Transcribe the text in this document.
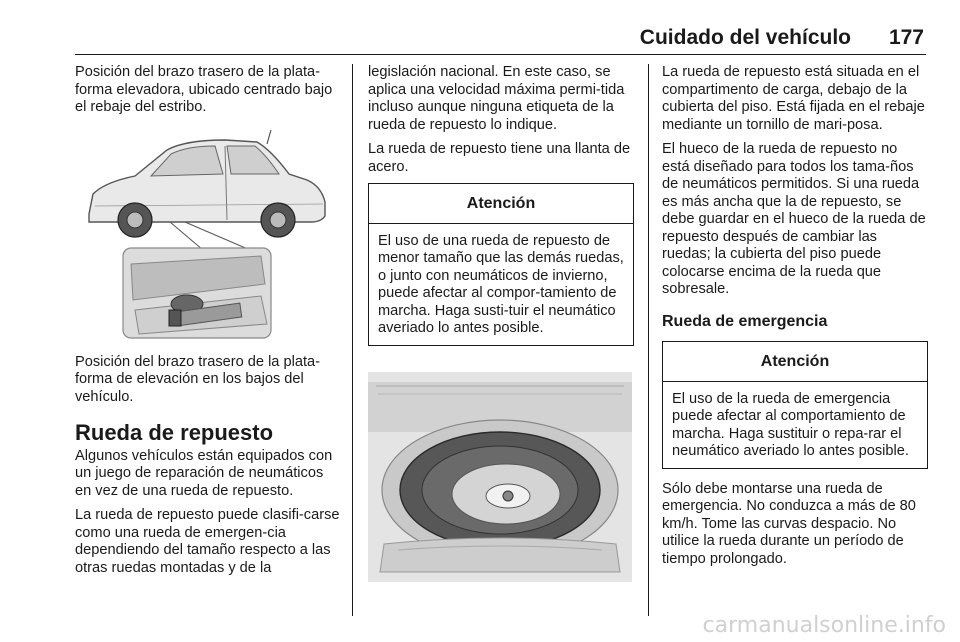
Cuidado del vehículo 177

Posición del brazo trasero de la plata-forma elevadora, ubicado centrado bajo el rebaje del estribo.

Posición del brazo trasero de la plata-forma de elevación en los bajos del vehículo.

Rueda de repuesto

Algunos vehículos están equipados con un juego de reparación de neumáticos en vez de una rueda de repuesto.

La rueda de repuesto puede clasifi-carse como una rueda de emergen-cia dependiendo del tamaño respecto a las otras ruedas montadas y de la

legislación nacional. En este caso, se aplica una velocidad máxima permi-tida incluso aunque ninguna etiqueta de la rueda de repuesto lo indique.

La rueda de repuesto tiene una llanta de acero.

Atención
El uso de una rueda de repuesto de menor tamaño que las demás ruedas, o junto con neumáticos de invierno, puede afectar al compor-tamiento de marcha. Haga susti-tuir el neumático averiado lo antes posible.

La rueda de repuesto está situada en el compartimento de carga, debajo de la cubierta del piso. Está fijada en el rebaje mediante un tornillo de mari-posa.

El hueco de la rueda de repuesto no está diseñado para todos los tama-ños de neumáticos permitidos. Si una rueda es más ancha que la de repuesto, se debe guardar en el hueco de la rueda de repuesto después de cambiar las ruedas; la cubierta del piso puede colocarse encima de la rueda que sobresale.

Rueda de emergencia
Atención
El uso de la rueda de emergencia puede afectar al comportamiento de marcha. Haga sustituir o repa-rar el neumático averiado lo antes posible.

Sólo debe montarse una rueda de emergencia. No conduzca a más de 80 km/h. Tome las curvas despacio. No utilice la rueda durante un período de tiempo prolongado.

carmanualsonline.info
